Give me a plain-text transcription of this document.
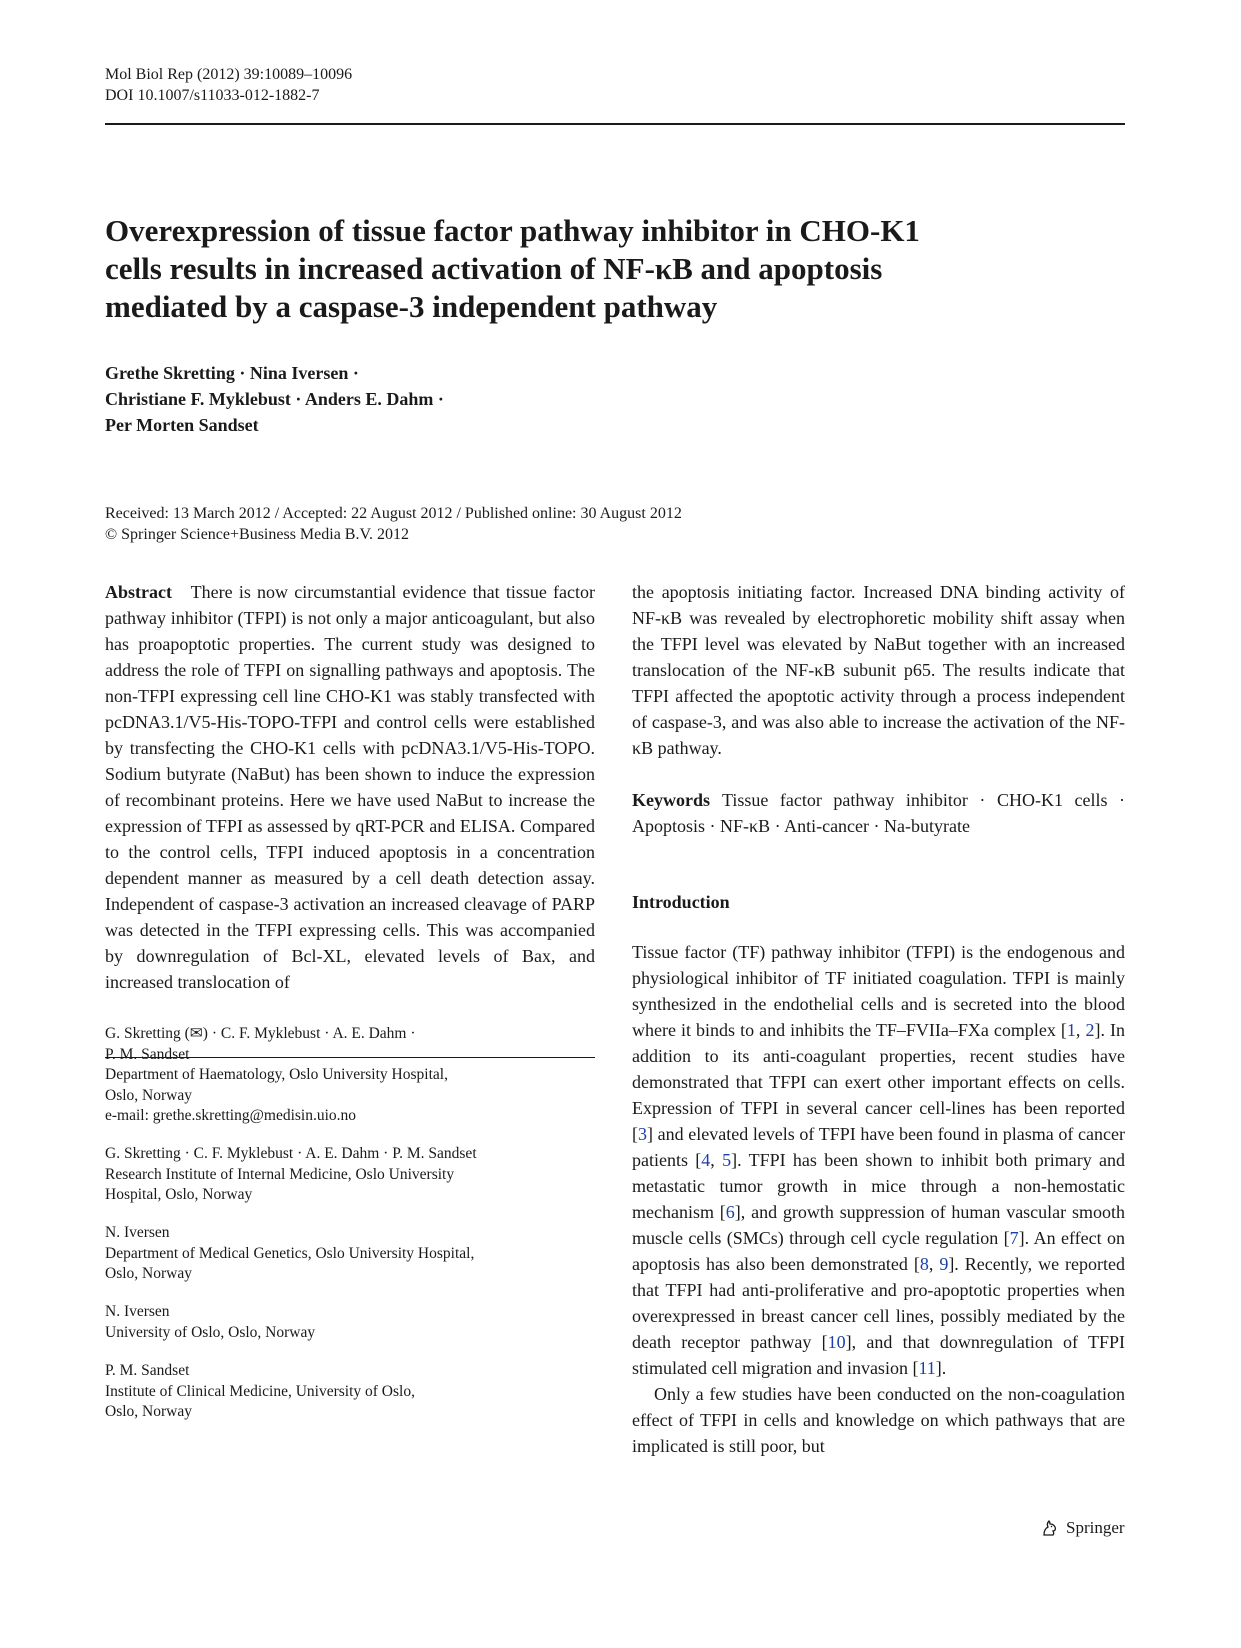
Mol Biol Rep (2012) 39:10089–10096
DOI 10.1007/s11033-012-1882-7
Overexpression of tissue factor pathway inhibitor in CHO-K1
cells results in increased activation of NF-κB and apoptosis
mediated by a caspase-3 independent pathway
Grethe Skretting · Nina Iversen ·
Christiane F. Myklebust · Anders E. Dahm ·
Per Morten Sandset
Received: 13 March 2012 / Accepted: 22 August 2012 / Published online: 30 August 2012
© Springer Science+Business Media B.V. 2012

Abstract There is now circumstantial evidence that tissue factor pathway inhibitor (TFPI) is not only a major anticoagulant, but also has proapoptotic properties. The current study was designed to address the role of TFPI on signalling pathways and apoptosis. The non-TFPI expressing cell line CHO-K1 was stably transfected with pcDNA3.1/V5-His-TOPO-TFPI and control cells were established by transfecting the CHO-K1 cells with pcDNA3.1/V5-His-TOPO. Sodium butyrate (NaBut) has been shown to induce the expression of recombinant proteins. Here we have used NaBut to increase the expression of TFPI as assessed by qRT-PCR and ELISA. Compared to the control cells, TFPI induced apoptosis in a concentration dependent manner as measured by a cell death detection assay. Independent of caspase-3 activation an increased cleavage of PARP was detected in the TFPI expressing cells. This was accompanied by downregulation of Bcl-XL, elevated levels of Bax, and increased translocation of

G. Skretting (✉) · C. F. Myklebust · A. E. Dahm ·
P. M. Sandset
Department of Haematology, Oslo University Hospital,
Oslo, Norway
e-mail: grethe.skretting@medisin.uio.no
G. Skretting · C. F. Myklebust · A. E. Dahm · P. M. Sandset
Research Institute of Internal Medicine, Oslo University
Hospital, Oslo, Norway
N. Iversen
Department of Medical Genetics, Oslo University Hospital,
Oslo, Norway
N. Iversen
University of Oslo, Oslo, Norway
P. M. Sandset
Institute of Clinical Medicine, University of Oslo,
Oslo, Norway

the apoptosis initiating factor. Increased DNA binding activity of NF-κB was revealed by electrophoretic mobility shift assay when the TFPI level was elevated by NaBut together with an increased translocation of the NF-κB subunit p65. The results indicate that TFPI affected the apoptotic activity through a process independent of caspase-3, and was also able to increase the activation of the NF- κB pathway.

Keywords Tissue factor pathway inhibitor · CHO-K1 cells · Apoptosis · NF-κB · Anti-cancer · Na-butyrate

Introduction

Tissue factor (TF) pathway inhibitor (TFPI) is the endogenous and physiological inhibitor of TF initiated coagulation. TFPI is mainly synthesized in the endothelial cells and is secreted into the blood where it binds to and inhibits the TF–FVIIa–FXa complex [1, 2]. In addition to its anti-coagulant properties, recent studies have demonstrated that TFPI can exert other important effects on cells. Expression of TFPI in several cancer cell-lines has been reported [3] and elevated levels of TFPI have been found in plasma of cancer patients [4, 5]. TFPI has been shown to inhibit both primary and metastatic tumor growth in mice through a non-hemostatic mechanism [6], and growth suppression of human vascular smooth muscle cells (SMCs) through cell cycle regulation [7]. An effect on apoptosis has also been demonstrated [8, 9]. Recently, we reported that TFPI had anti-proliferative and pro-apoptotic properties when overexpressed in breast cancer cell lines, possibly mediated by the death receptor pathway [10], and that downregulation of TFPI stimulated cell migration and invasion [11].

Only a few studies have been conducted on the non-coagulation effect of TFPI in cells and knowledge on which pathways that are implicated is still poor, but

Springer
